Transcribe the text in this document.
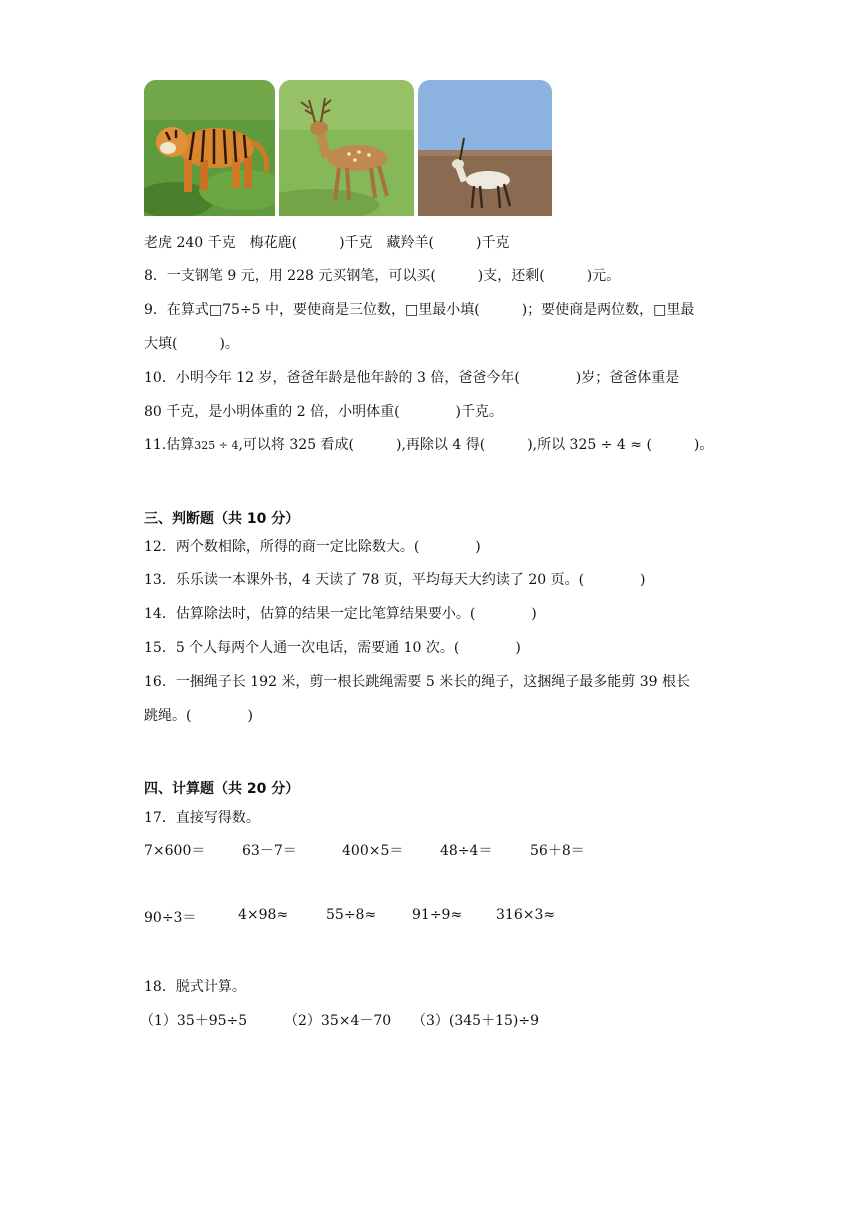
老虎 240 千克　梅花鹿(　　　)千克　藏羚羊(　　　)千克
8．一支钢笔 9 元，用 228 元买钢笔，可以买(　　　)支，还剩(　　　)元。
9．在算式□75÷5 中，要使商是三位数，□里最小填(　　　)；要使商是两位数，□里最
大填(　　　)。
10．小明今年 12 岁，爸爸年龄是他年龄的 3 倍，爸爸今年(　　　　)岁；爸爸体重是
80 千克，是小明体重的 2 倍，小明体重(　　　　)千克。
11.估算325 ÷ 4,可以将 325 看成(　　　),再除以 4 得(　　　),所以 325 ÷ 4 ≈ (　　　)。
三、判断题（共 10 分）
12．两个数相除，所得的商一定比除数大。(　　　　)
13．乐乐读一本课外书，4 天读了 78 页，平均每天大约读了 20 页。(　　　　)
14．估算除法时，估算的结果一定比笔算结果要小。(　　　　)
15．5 个人每两个人通一次电话，需要通 10 次。(　　　　)
16．一捆绳子长 192 米，剪一根长跳绳需要 5 米长的绳子，这捆绳子最多能剪 39 根长
跳绳。(　　　　)
四、计算题（共 20 分）
17．直接写得数。
7×600＝	63－7＝	400×5＝	48÷4＝	56＋8＝
90÷3＝	4×98≈	55÷8≈	91÷9≈ 316×3≈
18．脱式计算。
（1）35＋95÷5	（2）35×4－70 （3）(345＋15)÷9
